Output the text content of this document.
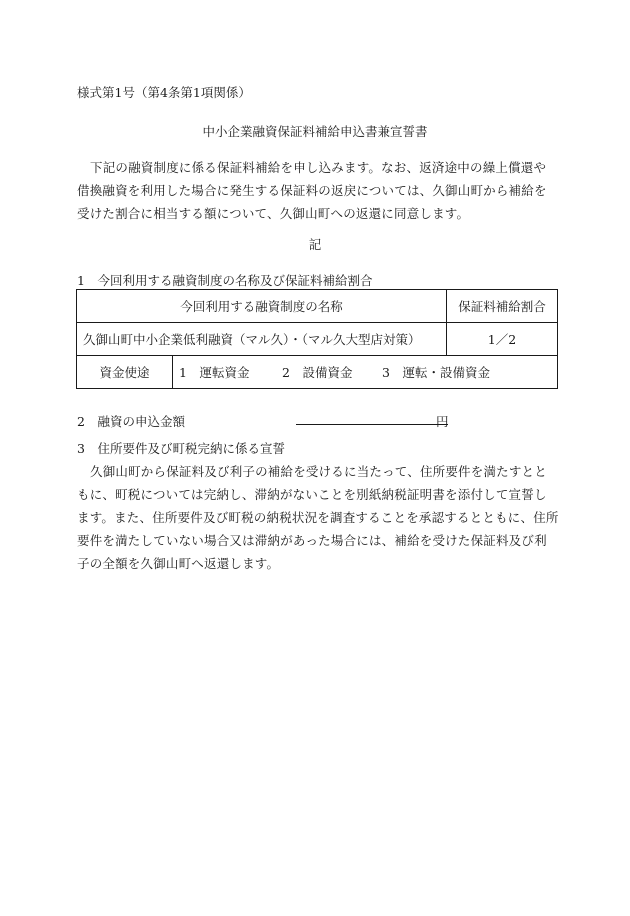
様式第1号（第4条第1項関係）
中小企業融資保証料補給申込書兼宣誓書
下記の融資制度に係る保証料補給を申し込みます。なお、返済途中の繰上償還や借換融資を利用した場合に発生する保証料の返戻については、久御山町から補給を受けた割合に相当する額について、久御山町への返還に同意します。
記
1　今回利用する融資制度の名称及び保証料補給割合
今回利用する融資制度の名称		保証料補給割合
久御山町中小企業低利融資（マル久）・（マル久大型店対策）		1／2
資金使途	1　運転資金 2　設備資金 3　運転・設備資金	
2　融資の申込金額	円
3　住所要件及び町税完納に係る宣誓
久御山町から保証料及び利子の補給を受けるに当たって、住所要件を満たすとともに、町税については完納し、滞納がないことを別紙納税証明書を添付して宣誓します。また、住所要件及び町税の納税状況を調査することを承認するとともに、住所要件を満たしていない場合又は滞納があった場合には、補給を受けた保証料及び利子の全額を久御山町へ返還します。
